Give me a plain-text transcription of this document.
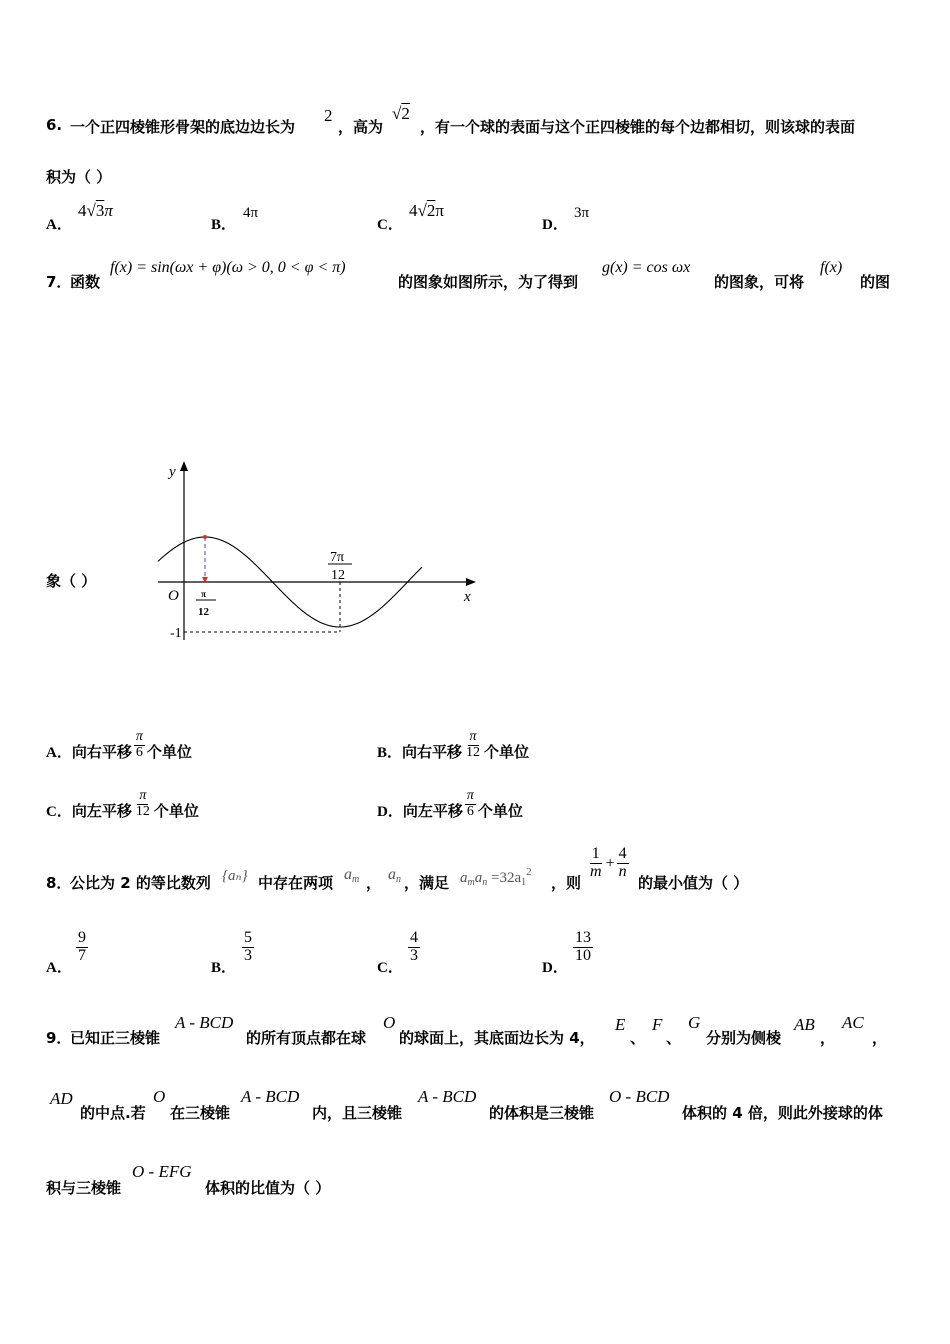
6. 一个正四棱锥形骨架的底边边长为
2
，高为
√2
，有一个球的表面与这个正四棱锥的每个边都相切，则该球的表面
积为（ ）
A．
4√3π
B．
4π
C．
4√2π
D．
3π
7．
函数
f(x) = sin(ωx + φ)(ω > 0, 0 < φ < π)
的图象如图所示，为了得到
g(x) = cos ωx
的图象，可将
f(x)
的图
象（ ）
y
x
O
-1
π
12
7π
12
A．向右平移 $\frac{\pi}{6}$ 个单位	B．向右平移 $\frac{\pi}{12}$ 个单位
C．向左平移 $\frac{\pi}{12}$ 个单位	D．向左平移 $\frac{\pi}{6}$ 个单位
8．
公比为 2 的等比数列 {aₙ} 中存在两项 $a_m$ ， $a_n$ ，满足 $a_ma_n =32a_1^2$
，则
$\frac{1}{m} + \frac{4}{n}$
的最小值为（ ）
A．
$\frac{9}{7}$
B．
$\frac{5}{3}$
C．
$\frac{4}{3}$
D．
$\frac{13}{10}$
9．
已知正三棱锥
A - BCD
的所有顶点都在球
O
的球面上，其底面边长为 4，
E
、
F
、
G
分别为侧棱
AB
，
AC
，
AD
的中点.若
O
在三棱锥
A - BCD
内，且三棱锥
A - BCD
的体积是三棱锥
O - BCD
体积的 4 倍，则此外接球的体
积与三棱锥
O - EFG
体积的比值为（ ）
